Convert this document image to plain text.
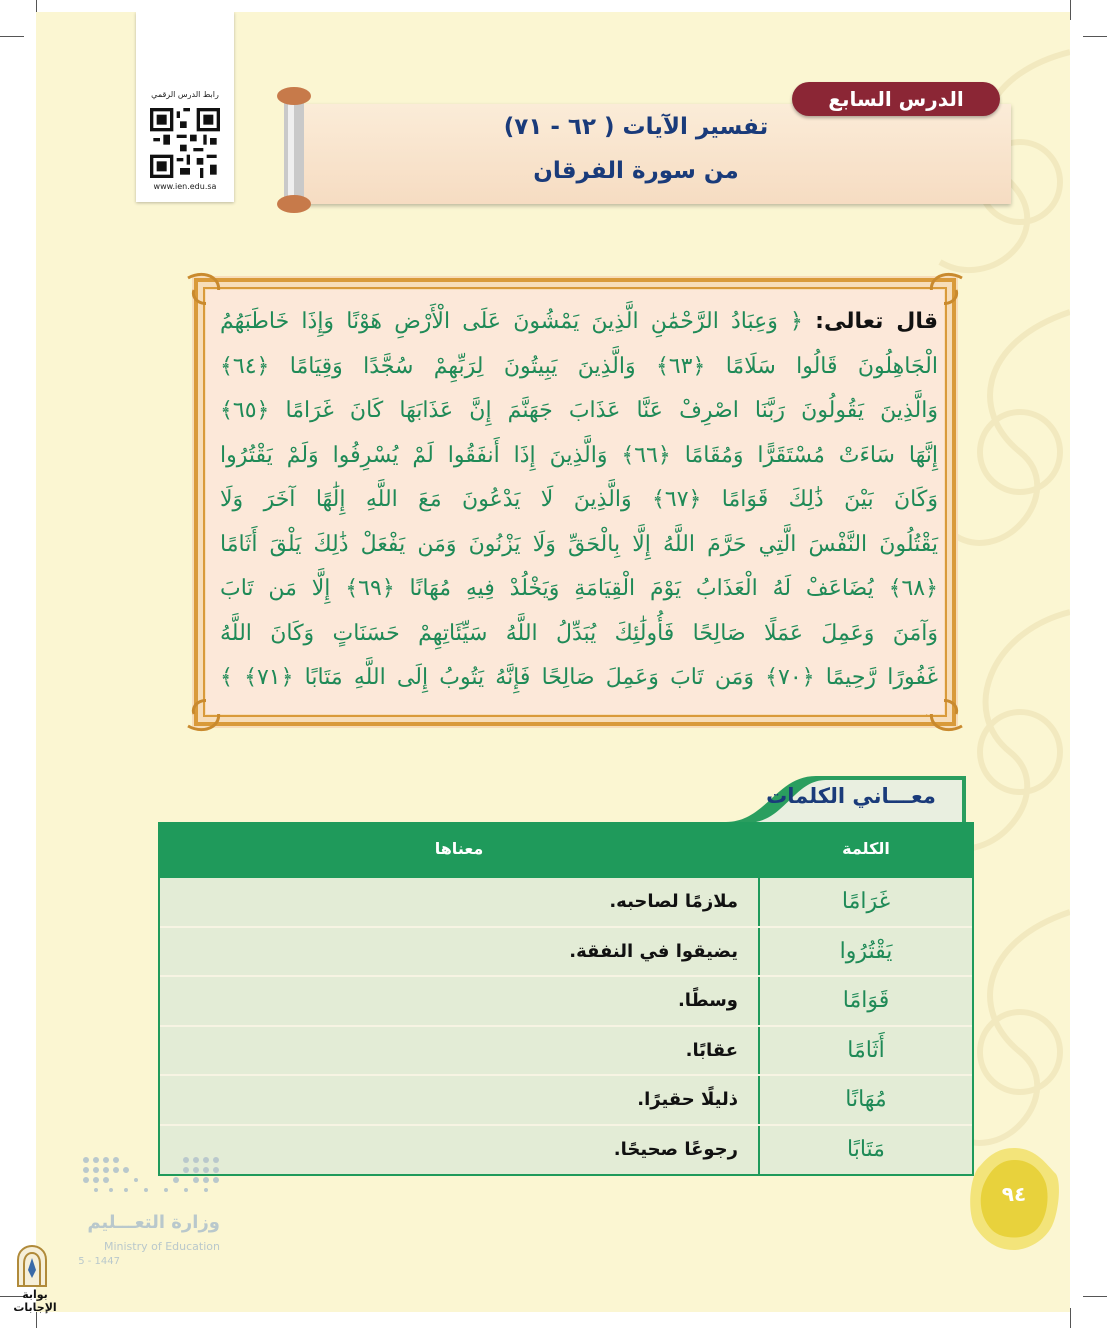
رابط الدرس الرقمي
www.ien.edu.sa
تفسير الآيات ( ٦٢ - ٧١)
من سورة الفرقان
الدرس السابع
قال تعالى: ﴿ وَعِبَادُ الرَّحْمَٰنِ الَّذِينَ يَمْشُونَ عَلَى الْأَرْضِ هَوْنًا وَإِذَا خَاطَبَهُمُ
الْجَاهِلُونَ قَالُوا سَلَامًا ﴿٦٣﴾ وَالَّذِينَ يَبِيتُونَ لِرَبِّهِمْ سُجَّدًا وَقِيَامًا ﴿٦٤﴾
وَالَّذِينَ يَقُولُونَ رَبَّنَا اصْرِفْ عَنَّا عَذَابَ جَهَنَّمَ إِنَّ عَذَابَهَا كَانَ غَرَامًا ﴿٦٥﴾
إِنَّهَا سَاءَتْ مُسْتَقَرًّا وَمُقَامًا ﴿٦٦﴾ وَالَّذِينَ إِذَا أَنفَقُوا لَمْ يُسْرِفُوا وَلَمْ يَقْتُرُوا
وَكَانَ بَيْنَ ذَٰلِكَ قَوَامًا ﴿٦٧﴾ وَالَّذِينَ لَا يَدْعُونَ مَعَ اللَّهِ إِلَٰهًا آخَرَ وَلَا
يَقْتُلُونَ النَّفْسَ الَّتِي حَرَّمَ اللَّهُ إِلَّا بِالْحَقِّ وَلَا يَزْنُونَ وَمَن يَفْعَلْ ذَٰلِكَ يَلْقَ أَثَامًا
﴿٦٨﴾ يُضَاعَفْ لَهُ الْعَذَابُ يَوْمَ الْقِيَامَةِ وَيَخْلُدْ فِيهِ مُهَانًا ﴿٦٩﴾ إِلَّا مَن تَابَ
وَآمَنَ وَعَمِلَ عَمَلًا صَالِحًا فَأُولَٰئِكَ يُبَدِّلُ اللَّهُ سَيِّئَاتِهِمْ حَسَنَاتٍ وَكَانَ اللَّهُ
غَفُورًا رَّحِيمًا ﴿٧٠﴾ وَمَن تَابَ وَعَمِلَ صَالِحًا فَإِنَّهُ يَتُوبُ إِلَى اللَّهِ مَتَابًا ﴿٧١﴾ ﴾
معـــاني الكلمات
معناها	الكلمة
ملازمًا لصاحبه.	غَرَامًا
يضيقوا في النفقة.	يَقْتُرُوا
وسطًا.	قَوَامًا
عقابًا.	أَثَامًا
ذليلًا حقيرًا.	مُهَانًا
رجوعًا صحيحًا.	مَتَابًا
٩٤
وزارة التعـــليم
Ministry of Education
5 - 1447
بوابة الإجابات
